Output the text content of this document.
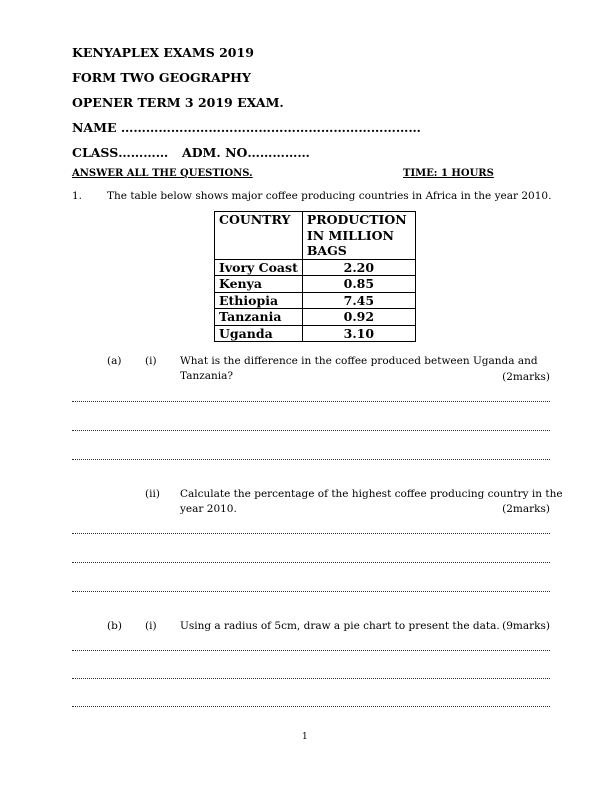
KENYAPLEX EXAMS 2019
FORM TWO GEOGRAPHY
OPENER TERM 3 2019 EXAM.
NAME ………………………………………………………………
CLASS………… ADM. NO……………
ANSWER ALL THE QUESTIONS.	TIME: 1 HOURS
1. The table below shows major coffee producing countries in Africa in the year 2010.
COUNTRY	PRODUCTION IN MILLION BAGS
Ivory Coast	2.20
Kenya	0.85
Ethiopia	7.45
Tanzania	0.92
Uganda	3.10
(a) (i) What is the difference in the coffee produced between Uganda and
Tanzania?	(2marks)
(ii) Calculate the percentage of the highest coffee producing country in the
year 2010.	(2marks)
(b) (i) Using a radius of 5cm, draw a pie chart to present the data. (9marks)
1
